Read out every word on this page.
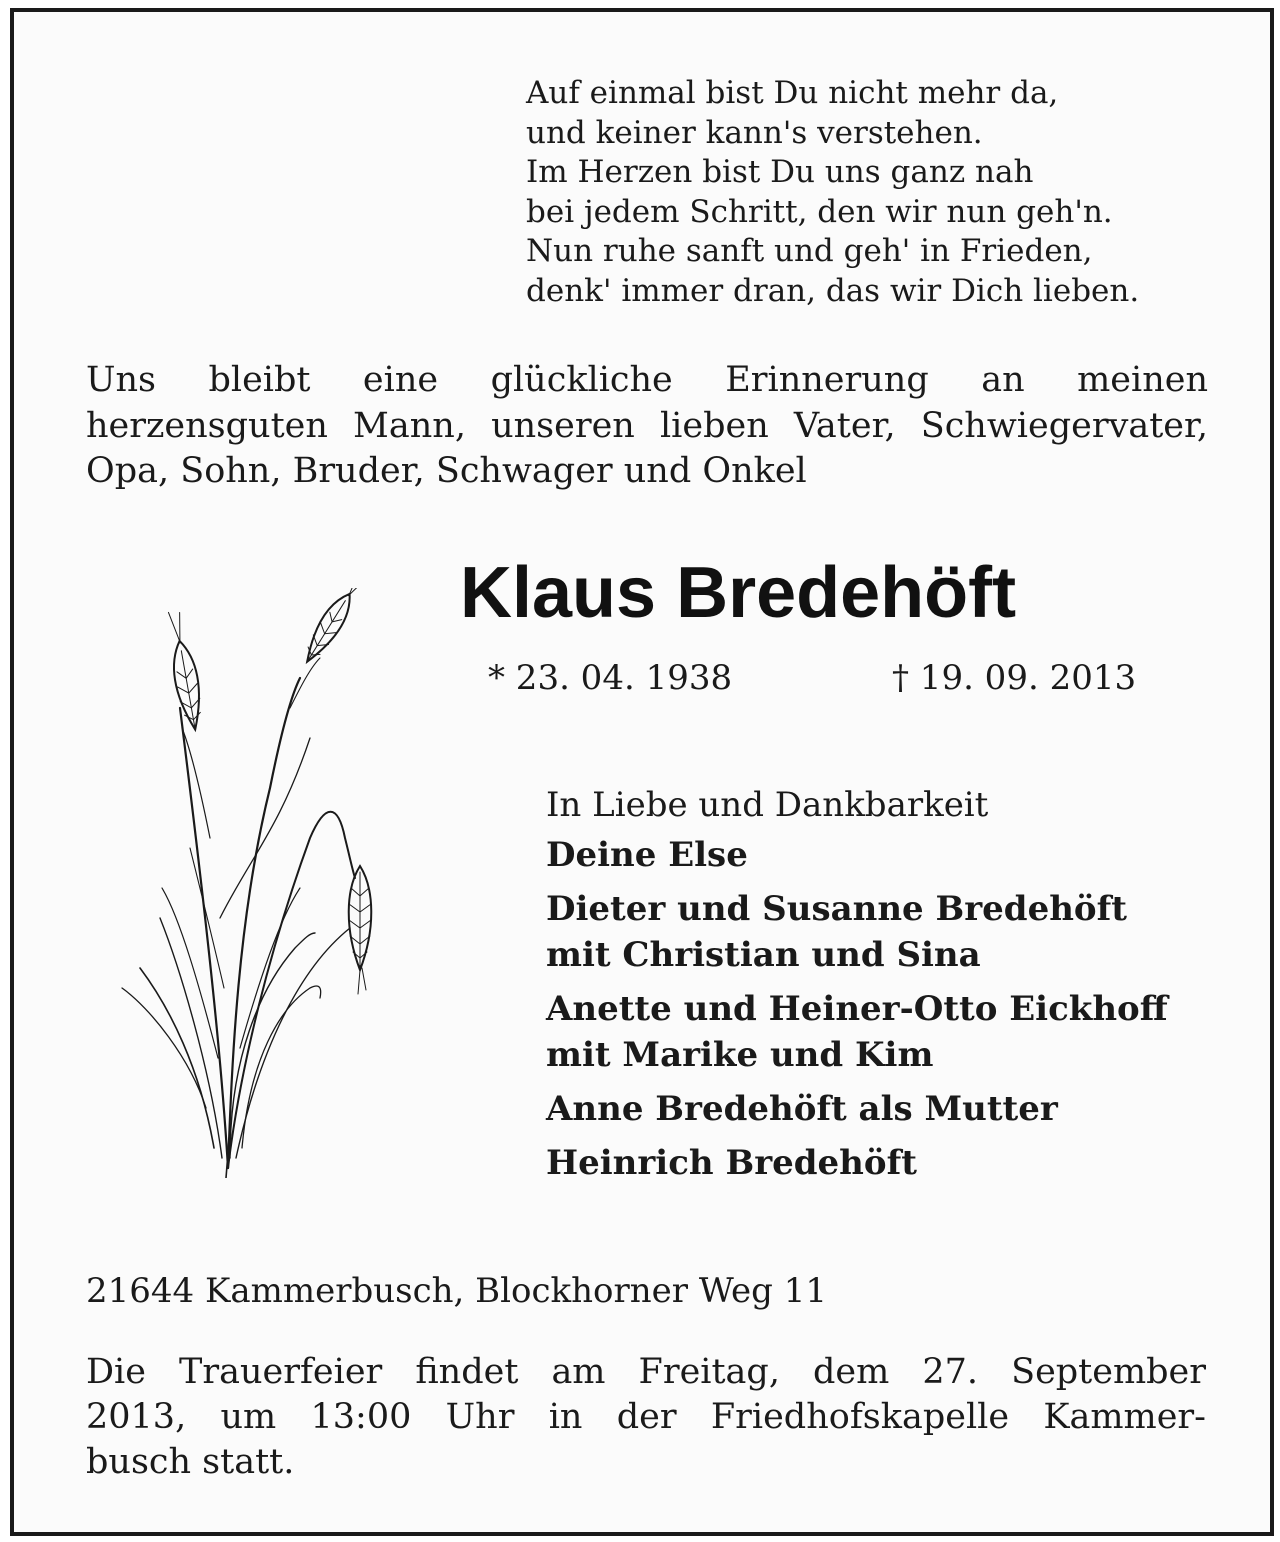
Auf einmal bist Du nicht mehr da,
und keiner kann's verstehen.
Im Herzen bist Du uns ganz nah
bei jedem Schritt, den wir nun geh'n.
Nun ruhe sanft und geh' in Frieden,
denk' immer dran, das wir Dich lieben.
Uns bleibt eine glückliche Erinnerung an meinen
herzensguten Mann, unseren lieben Vater, Schwiegervater,
Opa, Sohn, Bruder, Schwager und Onkel
Klaus Bredehöft
* 23. 04. 1938	† 19. 09. 2013
In Liebe und Dankbarkeit
Deine Else
Dieter und Susanne Bredehöft
mit Christian und Sina
Anette und Heiner-Otto Eickhoff
mit Marike und Kim
Anne Bredehöft als Mutter
Heinrich Bredehöft
21644 Kammerbusch, Blockhorner Weg 11
Die Trauerfeier findet am Freitag, dem 27. September
2013, um 13:00 Uhr in der Friedhofskapelle Kammer-
busch statt.
